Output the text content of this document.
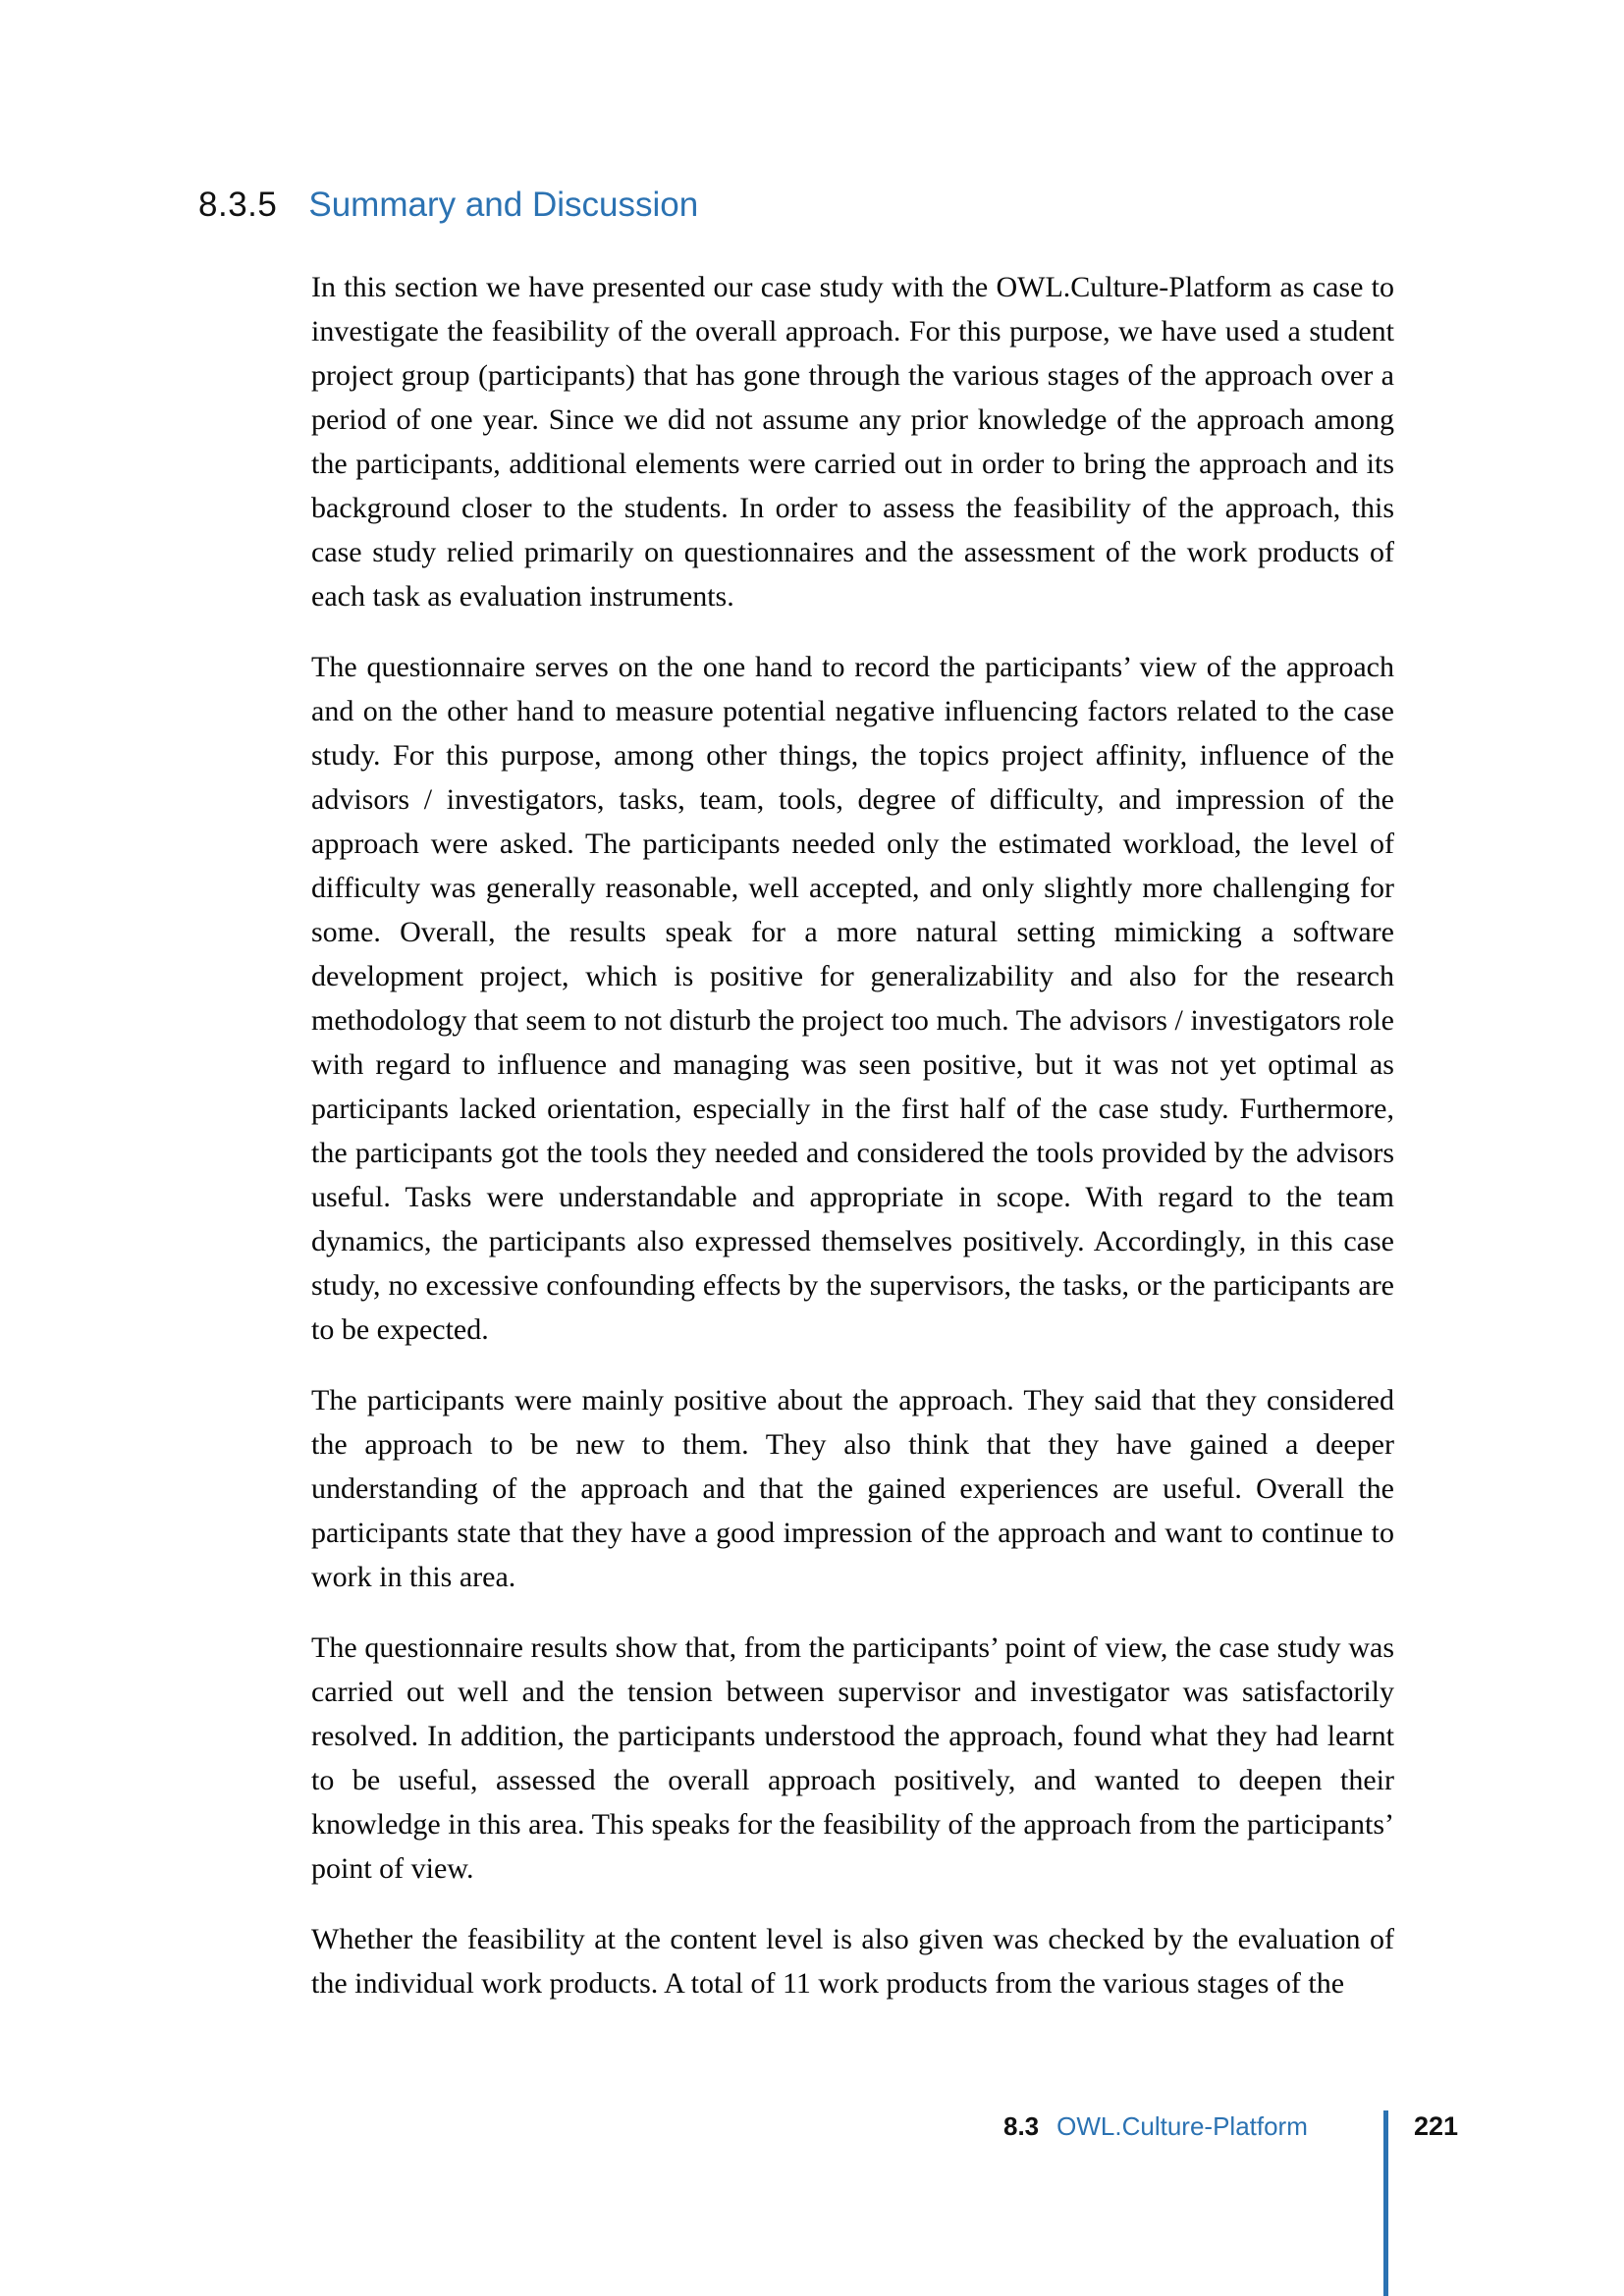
8.3.5 Summary and Discussion

In this section we have presented our case study with the OWL.Culture-Platform as case to investigate the feasibility of the overall approach. For this purpose, we have used a student project group (participants) that has gone through the various stages of the approach over a period of one year. Since we did not assume any prior knowledge of the approach among the participants, additional elements were carried out in order to bring the approach and its background closer to the students. In order to assess the feasibility of the approach, this case study relied primarily on questionnaires and the assessment of the work products of each task as evaluation instruments.

The questionnaire serves on the one hand to record the participants’ view of the approach and on the other hand to measure potential negative influencing factors related to the case study. For this purpose, among other things, the topics project affinity, influence of the advisors / investigators, tasks, team, tools, degree of difficulty, and impression of the approach were asked. The participants needed only the estimated workload, the level of difficulty was generally reasonable, well accepted, and only slightly more challenging for some. Overall, the results speak for a more natural setting mimicking a software development project, which is positive for generalizability and also for the research methodology that seem to not disturb the project too much. The advisors / investigators role with regard to influence and managing was seen positive, but it was not yet optimal as participants lacked orientation, especially in the first half of the case study. Furthermore, the participants got the tools they needed and considered the tools provided by the advisors useful. Tasks were understandable and appropriate in scope. With regard to the team dynamics, the participants also expressed themselves positively. Accordingly, in this case study, no excessive confounding effects by the supervisors, the tasks, or the participants are to be expected.

The participants were mainly positive about the approach. They said that they considered the approach to be new to them. They also think that they have gained a deeper understanding of the approach and that the gained experiences are useful. Overall the participants state that they have a good impression of the approach and want to continue to work in this area.

The questionnaire results show that, from the participants’ point of view, the case study was carried out well and the tension between supervisor and investigator was satisfactorily resolved. In addition, the participants understood the approach, found what they had learnt to be useful, assessed the overall approach positively, and wanted to deepen their knowledge in this area. This speaks for the feasibility of the approach from the participants’ point of view.

Whether the feasibility at the content level is also given was checked by the evaluation of the individual work products. A total of 11 work products from the various stages of the

8.3 OWL.Culture-Platform	221
